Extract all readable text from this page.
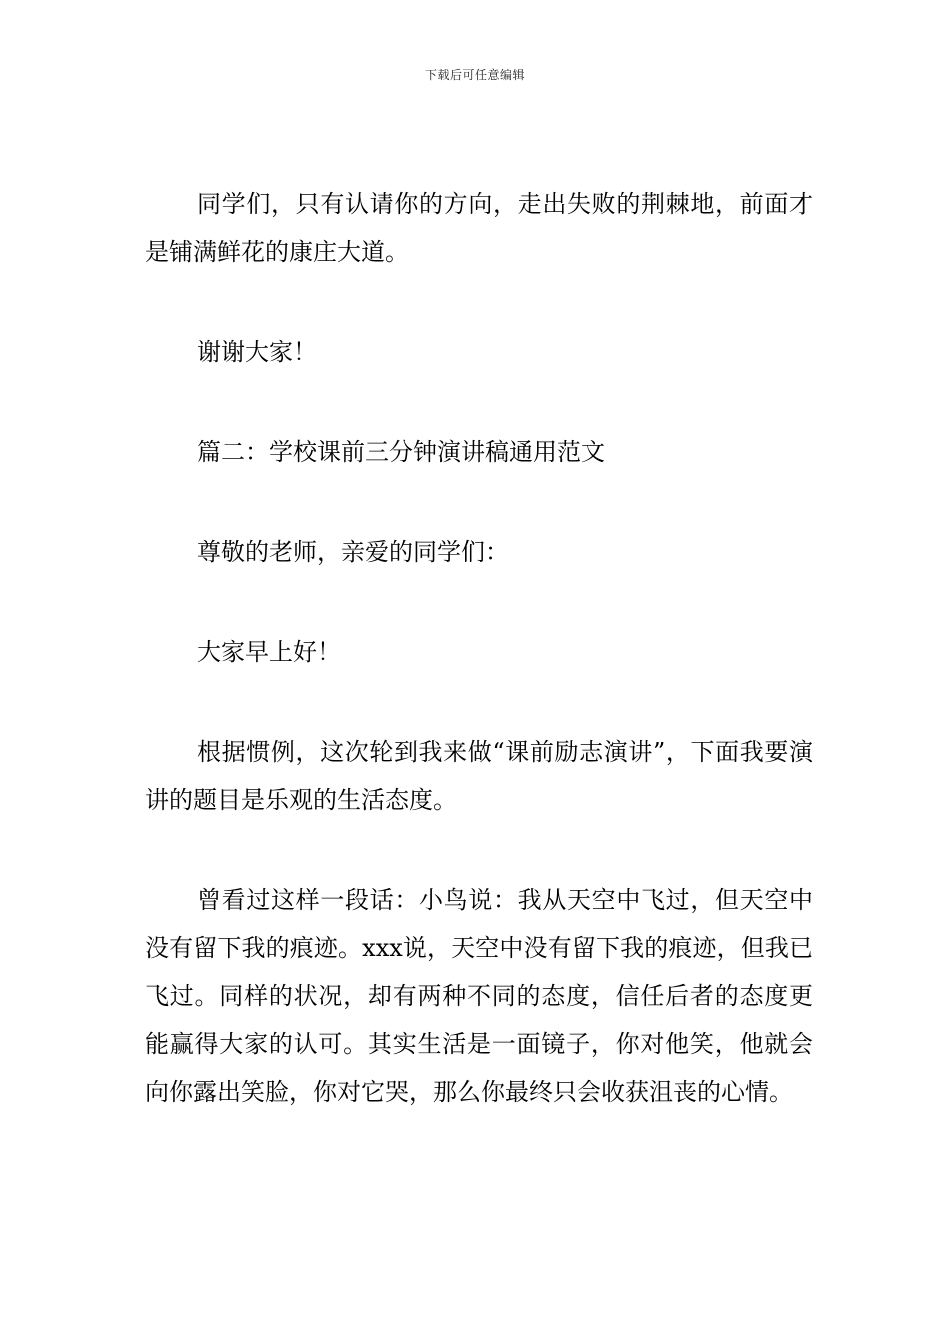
下载后可任意编辑

同学们，只有认请你的方向，走出失败的荆棘地，前面才是铺满鲜花的康庄大道。

谢谢大家！

篇二：学校课前三分钟演讲稿通用范文

尊敬的老师，亲爱的同学们：

大家早上好！

根据惯例，这次轮到我来做“课前励志演讲”，下面我要演讲的题目是乐观的生活态度。

曾看过这样一段话：小鸟说：我从天空中飞过，但天空中没有留下我的痕迹。xxx说，天空中没有留下我的痕迹，但我已飞过。同样的状况，却有两种不同的态度，信任后者的态度更能赢得大家的认可。其实生活是一面镜子，你对他笑，他就会向你露出笑脸，你对它哭，那么你最终只会收获沮丧的心情。
